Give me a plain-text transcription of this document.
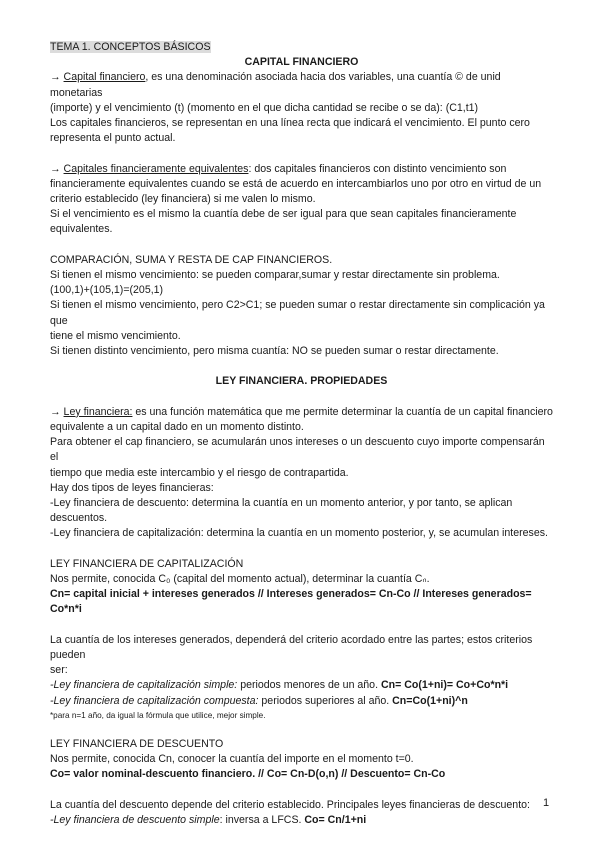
TEMA 1. CONCEPTOS BÁSICOS

CAPITAL FINANCIERO

→ Capital financiero, es una denominación asociada hacia dos variables, una cuantía © de unid monetarias

(importe) y el vencimiento (t) (momento en el que dicha cantidad se recibe o se da): (C1,t1)

Los capitales financieros, se representan en una línea recta que indicará el vencimiento. El punto cero

representa el punto actual.

→ Capitales financieramente equivalentes: dos capitales financieros con distinto vencimiento son

financieramente equivalentes cuando se está de acuerdo en intercambiarlos uno por otro en virtud de un

criterio establecido (ley financiera) si me valen lo mismo.

Si el vencimiento es el mismo la cuantía debe de ser igual para que sean capitales financieramente

equivalentes.

COMPARACIÓN, SUMA Y RESTA DE CAP FINANCIEROS.

Si tienen el mismo vencimiento: se pueden comparar,sumar y restar directamente sin problema.

(100,1)+(105,1)=(205,1)

Si tienen el mismo vencimiento, pero C2>C1; se pueden sumar o restar directamente sin complicación ya que

tiene el mismo vencimiento.

Si tienen distinto vencimiento, pero misma cuantía: NO se pueden sumar o restar directamente.

LEY FINANCIERA. PROPIEDADES

→ Ley financiera: es una función matemática que me permite determinar la cuantía de un capital financiero

equivalente a un capital dado en un momento distinto.

Para obtener el cap financiero, se acumularán unos intereses o un descuento cuyo importe compensarán el

tiempo que media este intercambio y el riesgo de contrapartida.

Hay dos tipos de leyes financieras:

-Ley financiera de descuento: determina la cuantía en un momento anterior, y por tanto, se aplican

descuentos.

-Ley financiera de capitalización: determina la cuantía en un momento posterior, y, se acumulan intereses.

LEY FINANCIERA DE CAPITALIZACIÓN

Nos permite, conocida C₀ (capital del momento actual), determinar la cuantía Cₙ.

Cn= capital inicial + intereses generados // Intereses generados= Cn-Co // Intereses generados= Co*n*i

La cuantía de los intereses generados, dependerá del criterio acordado entre las partes; estos criterios pueden

ser:

-Ley financiera de capitalización simple: periodos menores de un año. Cn= Co(1+ni)= Co+Co*n*i

-Ley financiera de capitalización compuesta: periodos superiores al año. Cn=Co(1+ni)^n

*para n=1 año, da igual la fórmula que utilice, mejor simple.

LEY FINANCIERA DE DESCUENTO

Nos permite, conocida Cn, conocer la cuantía del importe en el momento t=0.

Co= valor nominal-descuento financiero. // Co= Cn-D(o,n) // Descuento= Cn-Co

La cuantía del descuento depende del criterio establecido. Principales leyes financieras de descuento:

-Ley financiera de descuento simple: inversa a LFCS. Co= Cn/1+ni

1
